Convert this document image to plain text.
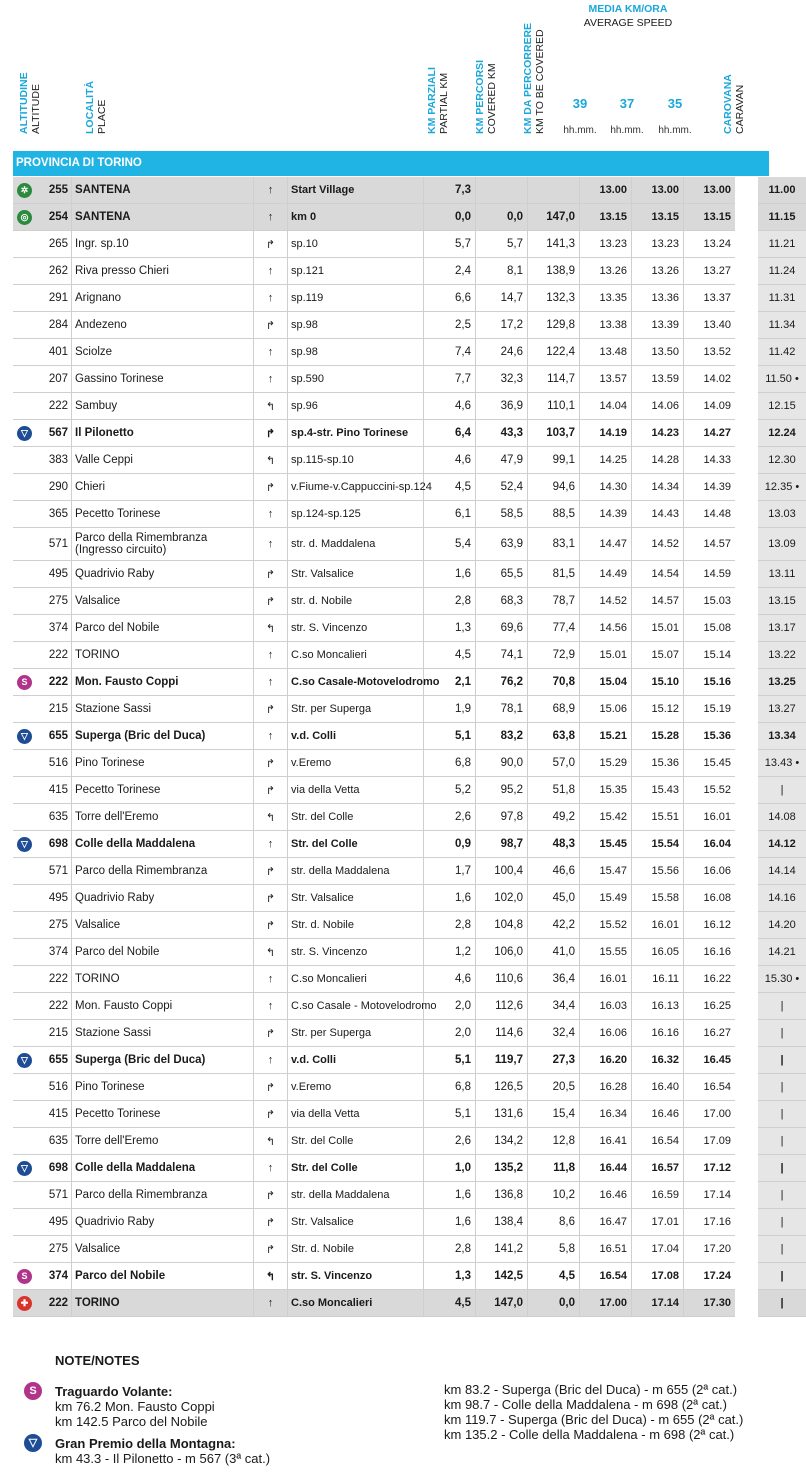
ALTITUDINE ALTITUDE	LOCALITÀ PLACE	KM PARZIALI PARTIAL KM KM PERCORSI COVERED KM KM DA PERCORRERE KM TO BE COVERED
MEDIA KM/ORA
AVERAGE SPEED
39	37	35
hh.mm.	hh.mm.	hh.mm.	CAROVANA CARAVAN
PROVINCIA DI TORINO
✲	255	SANTENA	↑	Start Village	7,3			13.00	13.00	13.00		11.00
◎	254	SANTENA	↑	km 0	0,0	0,0	147,0	13.15	13.15	13.15		11.15
	265	Ingr. sp.10	↱	sp.10	5,7	5,7	141,3	13.23	13.23	13.24		11.21
	262	Riva presso Chieri	↑	sp.121	2,4	8,1	138,9	13.26	13.26	13.27		11.24
	291	Arignano	↑	sp.119	6,6	14,7	132,3	13.35	13.36	13.37		11.31
	284	Andezeno	↱	sp.98	2,5	17,2	129,8	13.38	13.39	13.40		11.34
	401	Sciolze	↑	sp.98	7,4	24,6	122,4	13.48	13.50	13.52		11.42
	207	Gassino Torinese	↑	sp.590	7,7	32,3	114,7	13.57	13.59	14.02		11.50 •
	222	Sambuy	↰	sp.96	4,6	36,9	110,1	14.04	14.06	14.09		12.15
▽	567	Il Pilonetto	↱	sp.4-str. Pino Torinese	6,4	43,3	103,7	14.19	14.23	14.27		12.24
	383	Valle Ceppi	↰	sp.115-sp.10	4,6	47,9	99,1	14.25	14.28	14.33		12.30
	290	Chieri	↱	v.Fiume-v.Cappuccini-sp.124	4,5	52,4	94,6	14.30	14.34	14.39		12.35 •
	365	Pecetto Torinese	↑	sp.124-sp.125	6,1	58,5	88,5	14.39	14.43	14.48		13.03
	571	Parco della Rimembranza (Ingresso circuito)	↑	str. d. Maddalena	5,4	63,9	83,1	14.47	14.52	14.57		13.09
	495	Quadrivio Raby	↱	Str. Valsalice	1,6	65,5	81,5	14.49	14.54	14.59		13.11
	275	Valsalice	↱	str. d. Nobile	2,8	68,3	78,7	14.52	14.57	15.03		13.15
	374	Parco del Nobile	↰	str. S. Vincenzo	1,3	69,6	77,4	14.56	15.01	15.08		13.17
	222	TORINO	↑	C.so Moncalieri	4,5	74,1	72,9	15.01	15.07	15.14		13.22
S	222	Mon. Fausto Coppi	↑	C.so Casale-Motovelodromo	2,1	76,2	70,8	15.04	15.10	15.16		13.25
	215	Stazione Sassi	↱	Str. per Superga	1,9	78,1	68,9	15.06	15.12	15.19		13.27
▽	655	Superga (Bric del Duca)	↑	v.d. Colli	5,1	83,2	63,8	15.21	15.28	15.36		13.34
	516	Pino Torinese	↱	v.Eremo	6,8	90,0	57,0	15.29	15.36	15.45		13.43 •
	415	Pecetto Torinese	↱	via della Vetta	5,2	95,2	51,8	15.35	15.43	15.52		|
	635	Torre dell'Eremo	↰	Str. del Colle	2,6	97,8	49,2	15.42	15.51	16.01		14.08
▽	698	Colle della Maddalena	↑	Str. del Colle	0,9	98,7	48,3	15.45	15.54	16.04		14.12
	571	Parco della Rimembranza	↱	str. della Maddalena	1,7	100,4	46,6	15.47	15.56	16.06		14.14
	495	Quadrivio Raby	↱	Str. Valsalice	1,6	102,0	45,0	15.49	15.58	16.08		14.16
	275	Valsalice	↱	Str. d. Nobile	2,8	104,8	42,2	15.52	16.01	16.12		14.20
	374	Parco del Nobile	↰	str. S. Vincenzo	1,2	106,0	41,0	15.55	16.05	16.16		14.21
	222	TORINO	↑	C.so Moncalieri	4,6	110,6	36,4	16.01	16.11	16.22		15.30 •
	222	Mon. Fausto Coppi	↑	C.so Casale - Motovelodromo	2,0	112,6	34,4	16.03	16.13	16.25		|
	215	Stazione Sassi	↱	Str. per Superga	2,0	114,6	32,4	16.06	16.16	16.27		|
▽	655	Superga (Bric del Duca)	↑	v.d. Colli	5,1	119,7	27,3	16.20	16.32	16.45		|
	516	Pino Torinese	↱	v.Eremo	6,8	126,5	20,5	16.28	16.40	16.54		|
	415	Pecetto Torinese	↱	via della Vetta	5,1	131,6	15,4	16.34	16.46	17.00		|
	635	Torre dell'Eremo	↰	Str. del Colle	2,6	134,2	12,8	16.41	16.54	17.09		|
▽	698	Colle della Maddalena	↑	Str. del Colle	1,0	135,2	11,8	16.44	16.57	17.12		|
	571	Parco della Rimembranza	↱	str. della Maddalena	1,6	136,8	10,2	16.46	16.59	17.14		|
	495	Quadrivio Raby	↱	Str. Valsalice	1,6	138,4	8,6	16.47	17.01	17.16		|
	275	Valsalice	↱	Str. d. Nobile	2,8	141,2	5,8	16.51	17.04	17.20		|
S	374	Parco del Nobile	↰	str. S. Vincenzo	1,3	142,5	4,5	16.54	17.08	17.24		|
✚	222	TORINO	↑	C.so Moncalieri	4,5	147,0	0,0	17.00	17.14	17.30		|
NOTE/NOTES
S	Traguardo Volante:
km 76.2 Mon. Fausto Coppi
km 142.5 Parco del Nobile
▽	Gran Premio della Montagna:
km 43.3 - Il Pilonetto - m 567 (3ª cat.)
km 83.2 - Superga (Bric del Duca) - m 655 (2ª cat.)
km 98.7 - Colle della Maddalena - m 698 (2ª cat.)
km 119.7 - Superga (Bric del Duca) - m 655 (2ª cat.)
km 135.2 - Colle della Maddalena - m 698 (2ª cat.)
